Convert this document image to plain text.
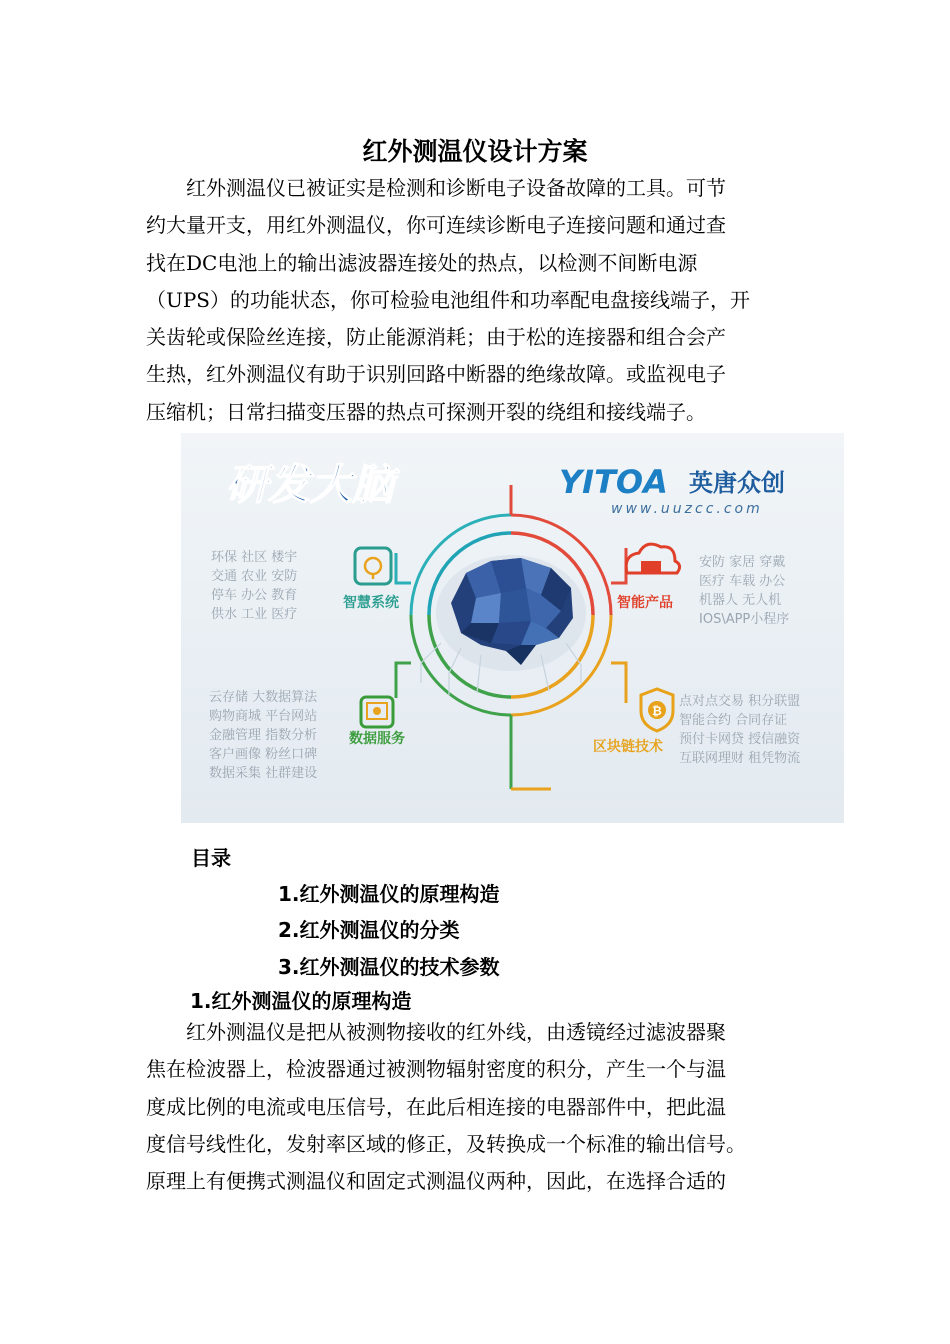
红外测温仪设计方案
红外测温仪已被证实是检测和诊断电子设备故障的工具。可节
约大量开支，用红外测温仪，你可连续诊断电子连接问题和通过查
找在DC电池上的输出滤波器连接处的热点，以检测不间断电源
（UPS）的功能状态，你可检验电池组件和功率配电盘接线端子，开
关齿轮或保险丝连接，防止能源消耗；由于松的连接器和组合会产
生热，红外测温仪有助于识别回路中断器的绝缘故障。或监视电子
压缩机；日常扫描变压器的热点可探测开裂的绕组和接线端子。
研发大脑	YITOA 英唐众创
www.uuzcc.com
智慧系统
环保 社区 楼宇
交通 农业 安防
停车 办公 教育
供水 工业 医疗
智能产品
安防 家居 穿戴
医疗 车载 办公
机器人 无人机
IOS\APP小程序
数据服务
云存储 大数据算法
购物商城 平台网站
金融管理 指数分析
客户画像 粉丝口碑
数据采集 社群建设
₿
区块链技术
点对点交易 积分联盟
智能合约 合同存证
预付卡网贷 授信融资
互联网理财 租凭物流
目录
1.红外测温仪的原理构造
2.红外测温仪的分类
3.红外测温仪的技术参数
1.红外测温仪的原理构造
红外测温仪是把从被测物接收的红外线，由透镜经过滤波器聚
焦在检波器上，检波器通过被测物辐射密度的积分，产生一个与温
度成比例的电流或电压信号，在此后相连接的电器部件中，把此温
度信号线性化，发射率区域的修正，及转换成一个标准的输出信号。
原理上有便携式测温仪和固定式测温仪两种，因此，在选择合适的
